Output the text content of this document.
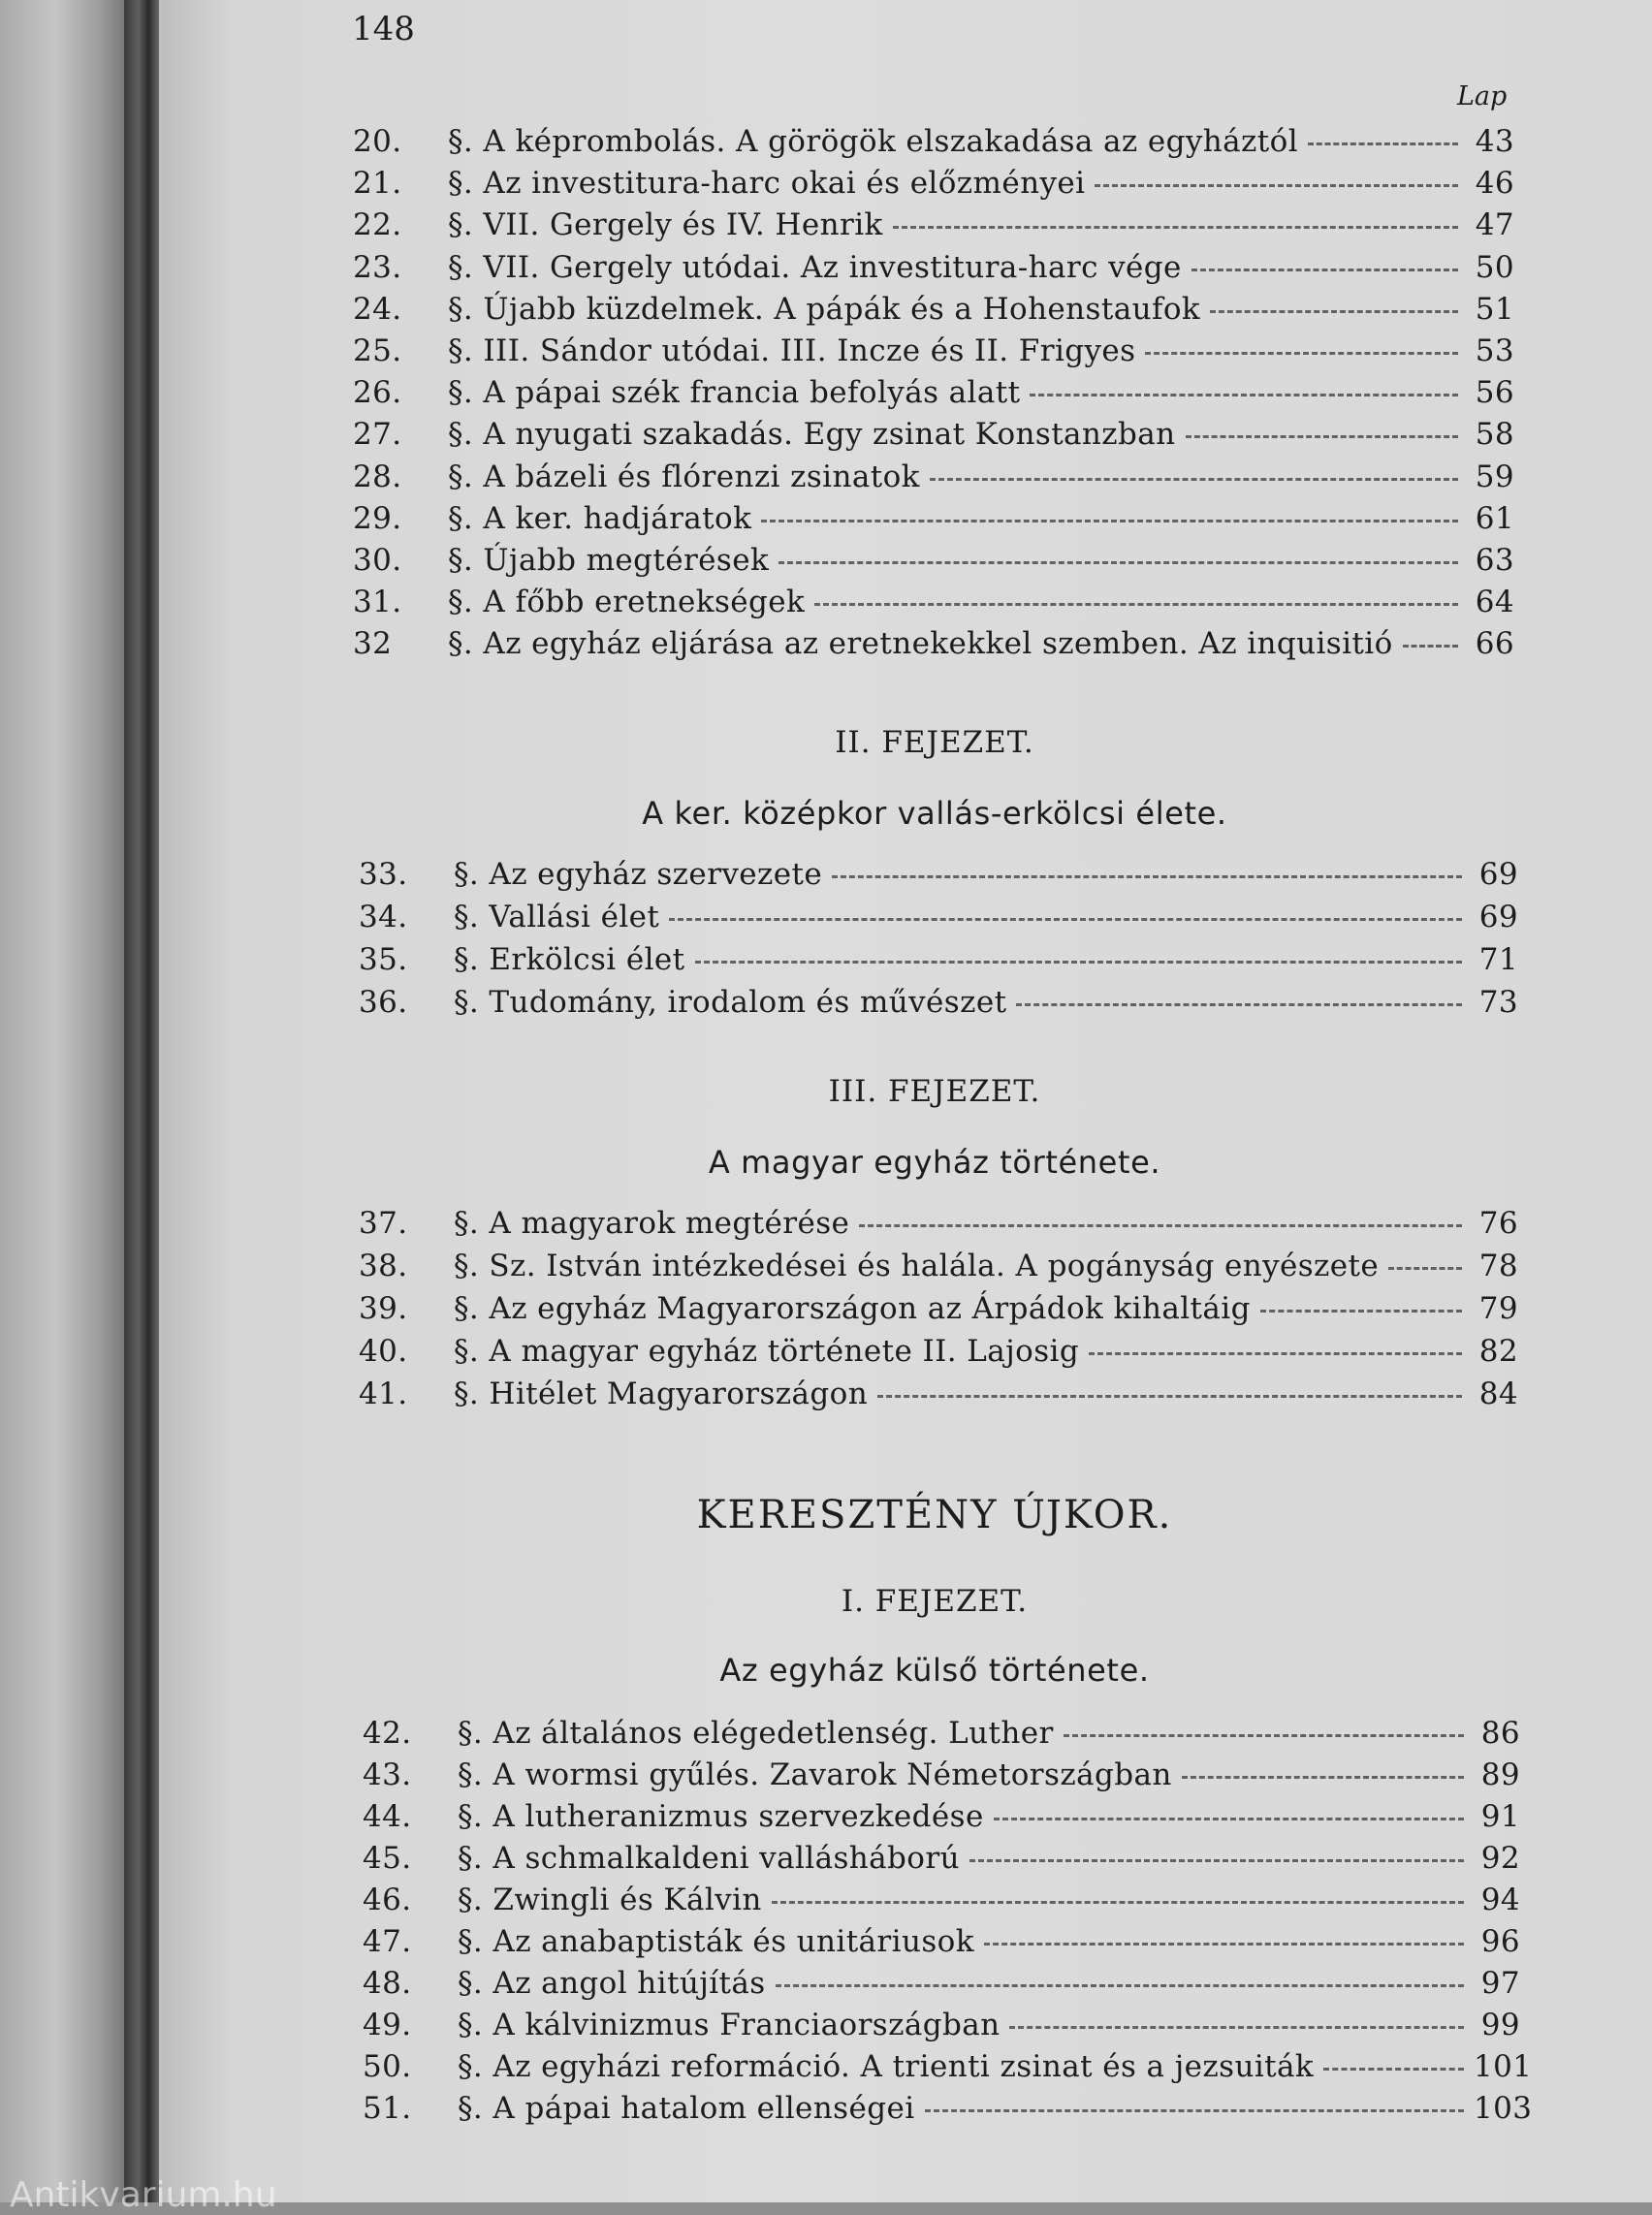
148
Lap
20.	§. A képrombolás. A görögök elszakadása az egyháztól	43
21.	§. Az investitura-harc okai és előzményei	46
22.	§. VII. Gergely és IV. Henrik	47
23.	§. VII. Gergely utódai. Az investitura-harc vége	50
24.	§. Újabb küzdelmek. A pápák és a Hohenstaufok	51
25.	§. III. Sándor utódai. III. Incze és II. Frigyes	53
26.	§. A pápai szék francia befolyás alatt	56
27.	§. A nyugati szakadás. Egy zsinat Konstanzban	58
28.	§. A bázeli és flórenzi zsinatok	59
29.	§. A ker. hadjáratok	61
30.	§. Újabb megtérések	63
31.	§. A főbb eretnekségek	64
32	§. Az egyház eljárása az eretnekekkel szemben. Az inquisitió	66
II. FEJEZET.
A ker. középkor vallás-erkölcsi élete.
33.	§. Az egyház szervezete	69
34.	§. Vallási élet	69
35.	§. Erkölcsi élet	71
36.	§. Tudomány, irodalom és művészet	73
III. FEJEZET.
A magyar egyház története.
37.	§. A magyarok megtérése	76
38.	§. Sz. István intézkedései és halála. A pogányság enyészete	78
39.	§. Az egyház Magyarországon az Árpádok kihaltáig	79
40.	§. A magyar egyház története II. Lajosig	82
41.	§. Hitélet Magyarországon	84
KERESZTÉNY ÚJKOR.
I. FEJEZET.
Az egyház külső története.
42.	§. Az általános elégedetlenség. Luther	86
43.	§. A wormsi gyűlés. Zavarok Németországban	89
44.	§. A lutheranizmus szervezkedése	91
45.	§. A schmalkaldeni vallásháború	92
46.	§. Zwingli és Kálvin	94
47.	§. Az anabaptisták és unitáriusok	96
48.	§. Az angol hitújítás	97
49.	§. A kálvinizmus Franciaországban	99
50.	§. Az egyházi reformáció. A trienti zsinat és a jezsuiták	101
51.	§. A pápai hatalom ellenségei	103
Antikvarium.hu
